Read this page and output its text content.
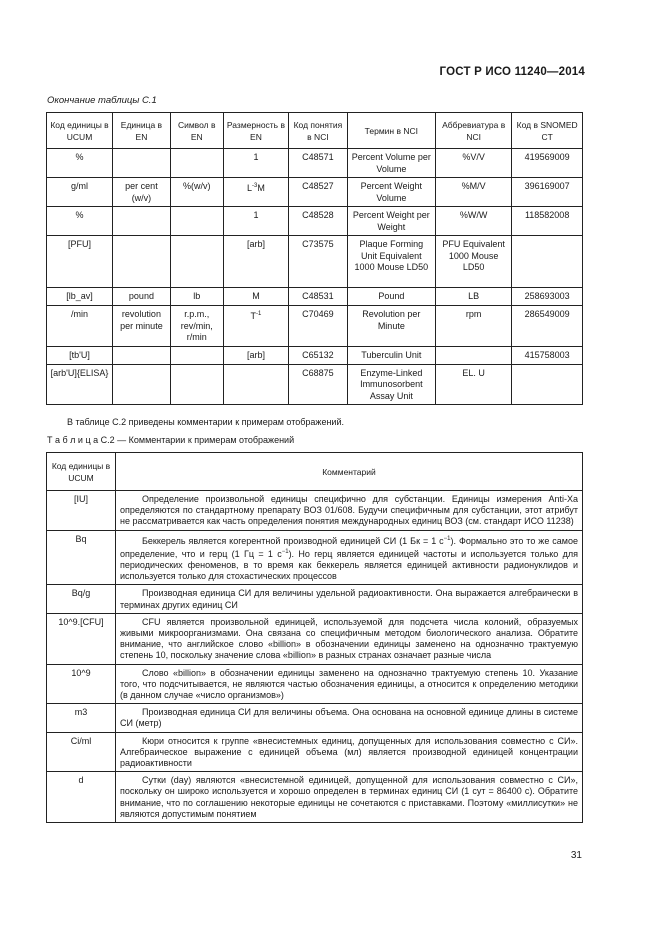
ГОСТ Р ИСО 11240—2014
Окончание таблицы С.1
Код единицы в UCUM	Единица в EN	Символ в EN	Размерность в EN	Код понятия в NCI	Термин в NCI	Аббревиатура в NCI	Код в SNOMED CT
%			1	C48571	Percent Volume per Volume	%V/V	419569009
g/ml	per cent (w/v)	%(w/v)	$L^{-3}M$	C48527	Percent Weight Volume	%M/V	396169007
%			1	C48528	Percent Weight per Weight	%W/W	118582008
[PFU]			[arb]	C73575	Plaque Forming Unit Equivalent 1000 Mouse LD50	PFU Equivalent 1000 Mouse LD50	
[lb_av]	pound	lb	M	C48531	Pound	LB	258693003
/min	revolution per minute	r.p.m., rev/min, r/min	$T^{-1}$	C70469	Revolution per Minute	rpm	286549009
[tb'U]			[arb]	C65132	Tuberculin Unit		415758003
[arb'U]{ELISA}				C68875	Enzyme-Linked Immunosorbent Assay Unit	EL. U	
В таблице С.2 приведены комментарии к примерам отображений.
Т а б л и ц а С.2 — Комментарии к примерам отображений
Код единицы в UCUM	Комментарий
[IU]	Определение произвольной единицы специфично для субстанции. Единицы измерения Anti-Xa определяются по стандартному препарату ВОЗ 01/608. Будучи специфичным для субстанции, этот атрибут не рассматривается как часть определения понятия международных единиц ВОЗ (см. стандарт ИСО 11238)
Bq	Беккерель является когерентной производной единицей СИ (1 Бк = 1 $с^{-1}$). Формально это то же самое определение, что и герц (1 Гц = 1 $с^{-1}$). Но герц является единицей частоты и используется только для периодических феноменов, в то время как беккерель является единицей активности радионуклидов и используется только для стохастических процессов
Bq/g	Производная единица СИ для величины удельной радиоактивности. Она выражается алгебраически в терминах других единиц СИ
10^9.[CFU]	CFU является произвольной единицей, используемой для подсчета числа колоний, образуемых живыми микроорганизмами. Она связана со специфичным методом биологического анализа. Обратите внимание, что английское слово «billion» в обозначении единицы заменено на однозначно трактуемую степень 10, поскольку значение слова «billion» в разных странах означает разные числа
10^9	Слово «billion» в обозначении единицы заменено на однозначно трактуемую степень 10. Указание того, что подсчитывается, не являются частью обозначения единицы, а относится к определению методики (в данном случае «число организмов»)
m3	Производная единица СИ для величины объема. Она основана на основной единице длины в системе СИ (метр)
Ci/ml	Кюри относится к группе «внесистемных единиц, допущенных для использования совместно с СИ». Алгебраическое выражение с единицей объема (мл) является производной единицей концентрации радиоактивности
d	Сутки (day) являются «внесистемной единицей, допущенной для использования совместно с СИ», поскольку он широко используется и хорошо определен в терминах единиц СИ (1 сут = 86400 с). Обратите внимание, что по соглашению некоторые единицы не сочетаются с приставками. Поэтому «миллисутки» не являются допустимым понятием
31
